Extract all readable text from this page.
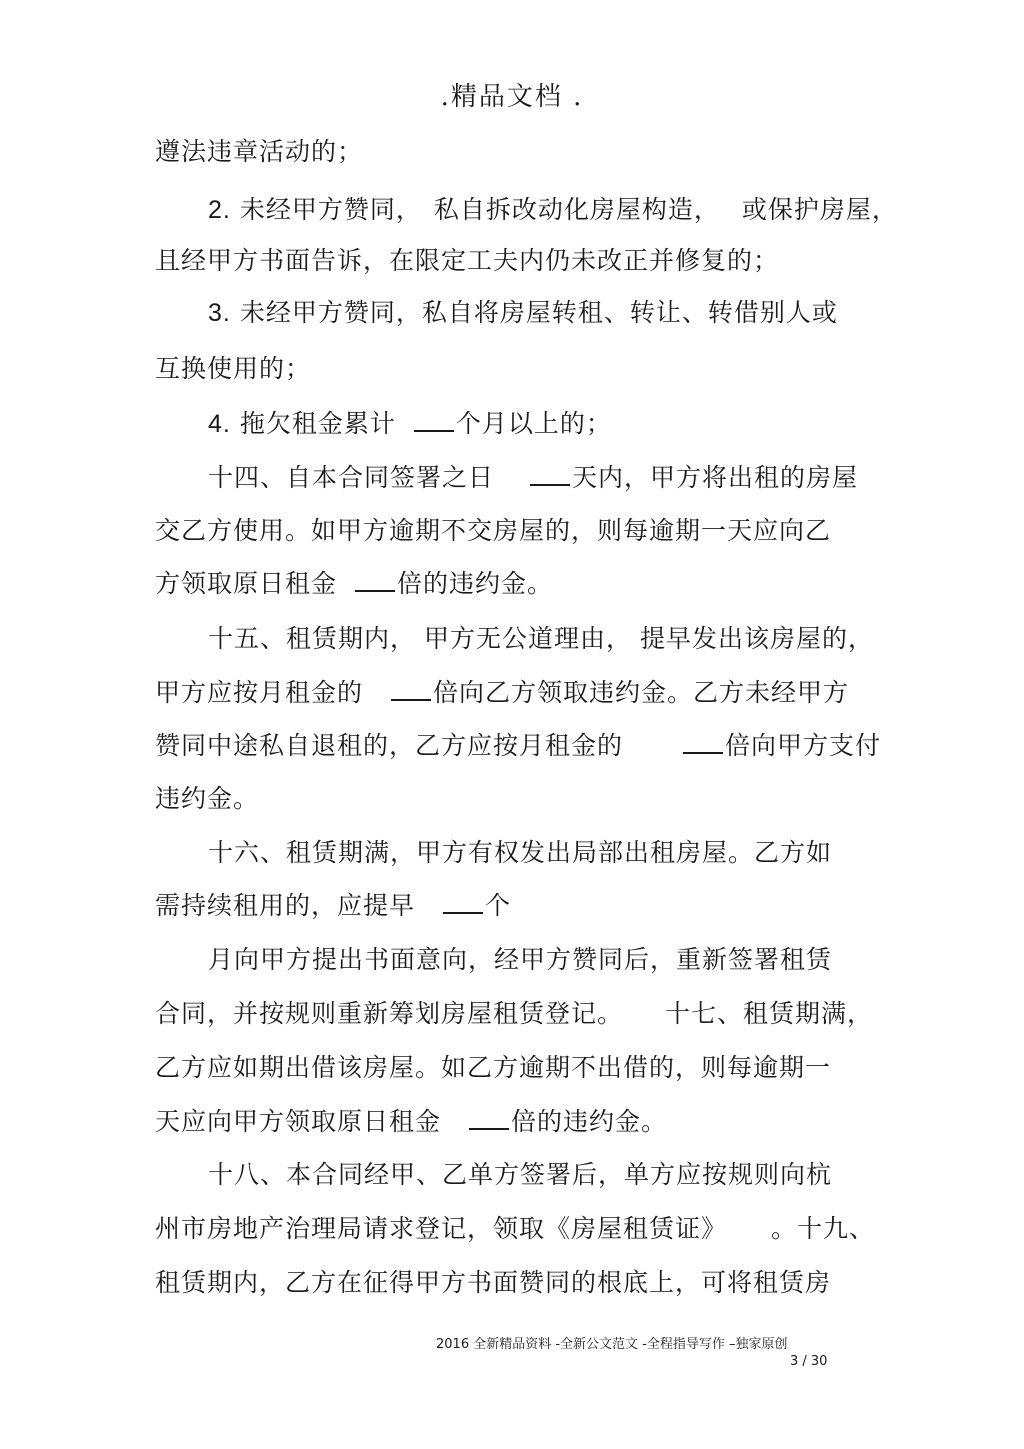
.精品文档 .
遵法违章活动的；
2. 未经甲方赞同， 私自拆改动化房屋构造， 或保护房屋，
且经甲方书面告诉，在限定工夫内仍未改正并修复的；
3. 未经甲方赞同，私自将房屋转租、转让、转借别人或
互换使用的；
4. 拖欠租金累计 个月以上的；
十四、自本合同签署之日	天内，甲方将出租的房屋
交乙方使用。如甲方逾期不交房屋的，则每逾期一天应向乙
方领取原日租金 倍的违约金。
十五、租赁期内， 甲方无公道理由， 提早发出该房屋的，
甲方应按月租金的	倍向乙方领取违约金。乙方未经甲方
赞同中途私自退租的，乙方应按月租金的	倍向甲方支付
违约金。
十六、租赁期满，甲方有权发出局部出租房屋。乙方如
需持续租用的，应提早	个
月向甲方提出书面意向，经甲方赞同后，重新签署租赁
合同，并按规则重新筹划房屋租赁登记。 十七、租赁期满，
乙方应如期出借该房屋。如乙方逾期不出借的，则每逾期一
天应向甲方领取原日租金	倍的违约金。
十八、本合同经甲、乙单方签署后，单方应按规则向杭
州市房地产治理局请求登记，领取《房屋租赁证》 。十九、
租赁期内，乙方在征得甲方书面赞同的根底上，可将租赁房
2016 全新精品资料 -全新公文范文 -全程指导写作 –独家原创
3 / 30
